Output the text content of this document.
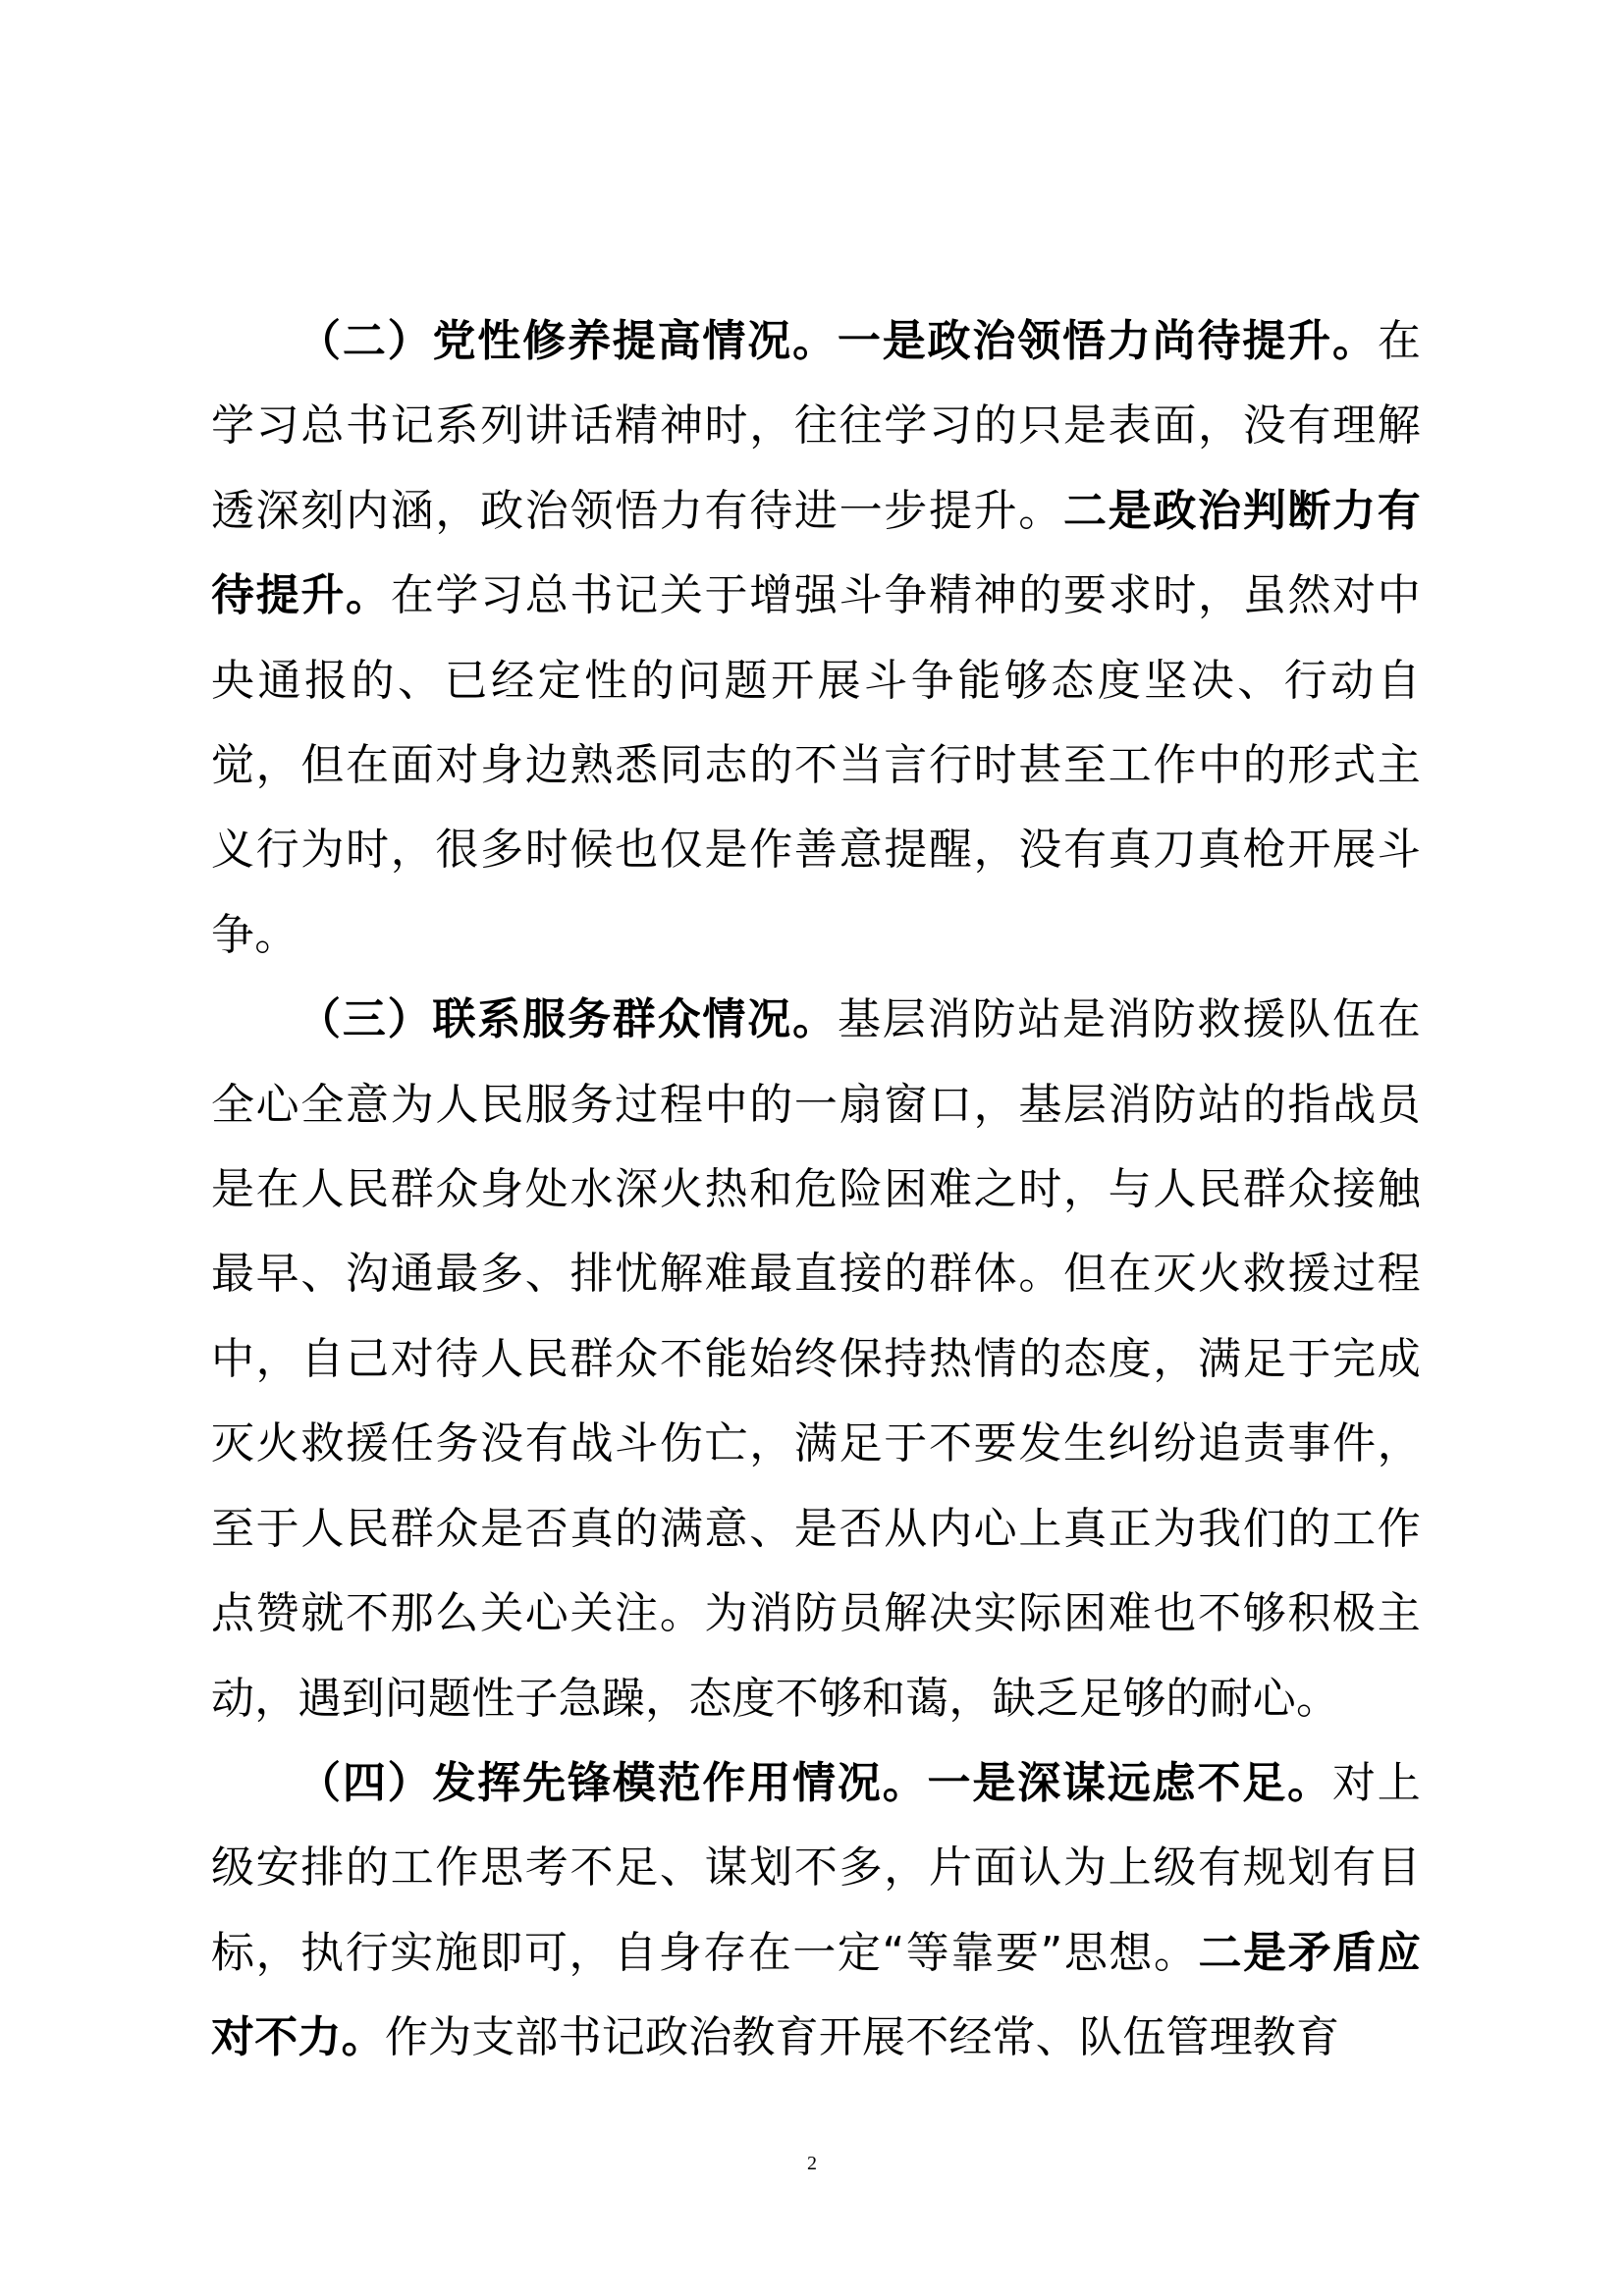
（二）党性修养提高情况。一是政治领悟力尚待提升。在学习总书记系列讲话精神时，往往学习的只是表面，没有理解透深刻内涵，政治领悟力有待进一步提升。二是政治判断力有待提升。在学习总书记关于增强斗争精神的要求时，虽然对中央通报的、已经定性的问题开展斗争能够态度坚决、行动自觉，但在面对身边熟悉同志的不当言行时甚至工作中的形式主义行为时，很多时候也仅是作善意提醒，没有真刀真枪开展斗争。

（三）联系服务群众情况。基层消防站是消防救援队伍在全心全意为人民服务过程中的一扇窗口，基层消防站的指战员是在人民群众身处水深火热和危险困难之时，与人民群众接触最早、沟通最多、排忧解难最直接的群体。但在灭火救援过程中，自己对待人民群众不能始终保持热情的态度，满足于完成灭火救援任务没有战斗伤亡，满足于不要发生纠纷追责事件，至于人民群众是否真的满意、是否从内心上真正为我们的工作点赞就不那么关心关注。为消防员解决实际困难也不够积极主动，遇到问题性子急躁，态度不够和蔼，缺乏足够的耐心。

（四）发挥先锋模范作用情况。一是深谋远虑不足。对上级安排的工作思考不足、谋划不多，片面认为上级有规划有目标，执行实施即可，自身存在一定“等靠要”思想。二是矛盾应对不力。作为支部书记政治教育开展不经常、队伍管理教育

2
